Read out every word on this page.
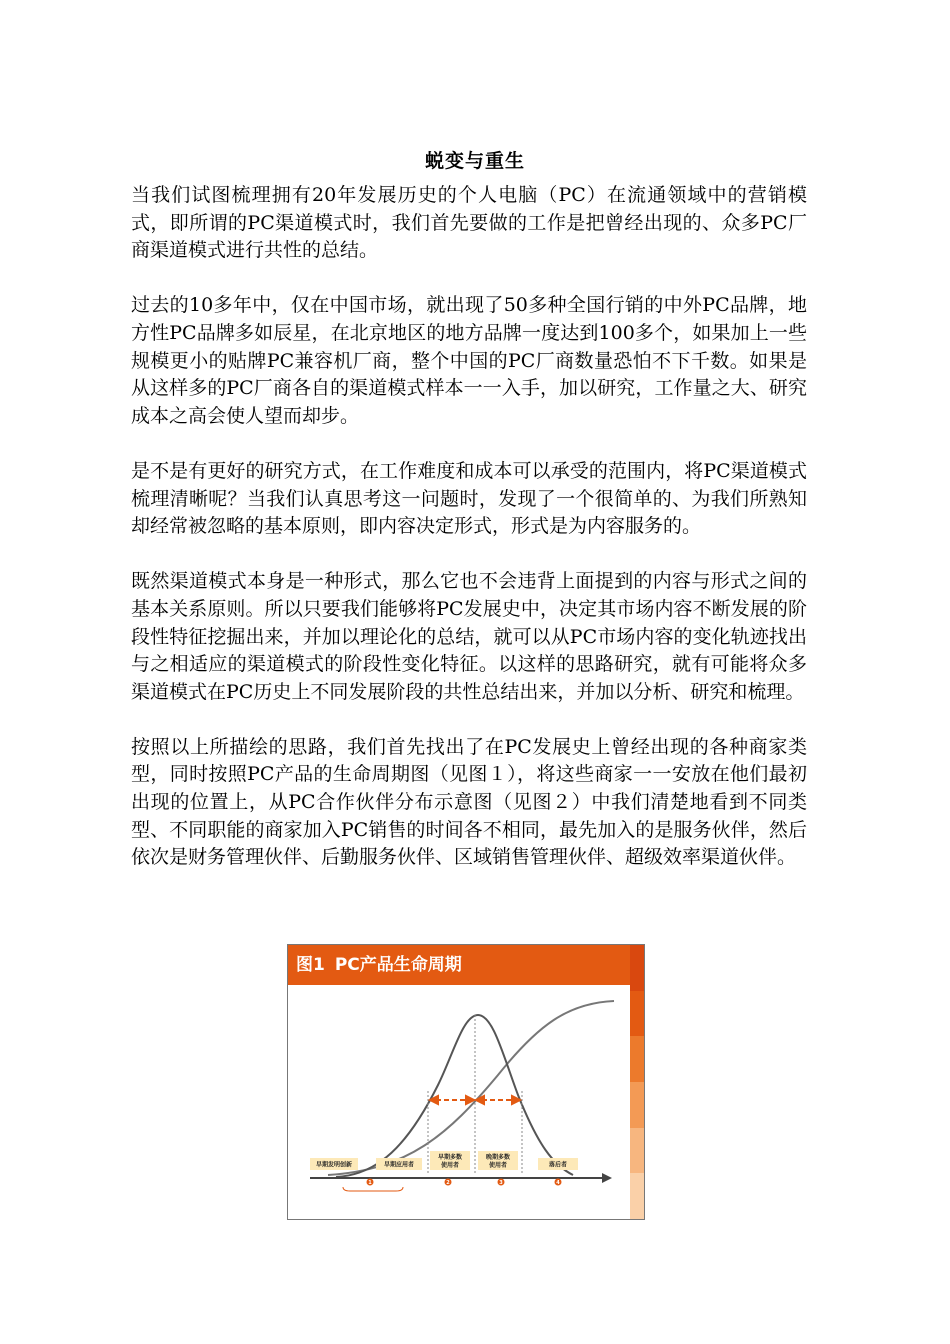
蜕变与重生

当我们试图梳理拥有20年发展历史的个人电脑（PC）在流通领域中的营销模式，即所谓的PC渠道模式时，我们首先要做的工作是把曾经出现的、众多PC厂商渠道模式进行共性的总结。

过去的10多年中，仅在中国市场，就出现了50多种全国行销的中外PC品牌，地方性PC品牌多如辰星，在北京地区的地方品牌一度达到100多个，如果加上一些规模更小的贴牌PC兼容机厂商，整个中国的PC厂商数量恐怕不下千数。如果是从这样多的PC厂商各自的渠道模式样本一一入手，加以研究，工作量之大、研究成本之高会使人望而却步。

是不是有更好的研究方式，在工作难度和成本可以承受的范围内，将PC渠道模式梳理清晰呢？当我们认真思考这一问题时，发现了一个很简单的、为我们所熟知却经常被忽略的基本原则，即内容决定形式，形式是为内容服务的。

既然渠道模式本身是一种形式，那么它也不会违背上面提到的内容与形式之间的基本关系原则。所以只要我们能够将PC发展史中，决定其市场内容不断发展的阶段性特征挖掘出来，并加以理论化的总结，就可以从PC市场内容的变化轨迹找出与之相适应的渠道模式的阶段性变化特征。以这样的思路研究，就有可能将众多渠道模式在PC历史上不同发展阶段的共性总结出来，并加以分析、研究和梳理。

按照以上所描绘的思路，我们首先找出了在PC发展史上曾经出现的各种商家类型，同时按照PC产品的生命周期图（见图１），将这些商家一一安放在他们最初出现的位置上，从PC合作伙伴分布示意图（见图２）中我们清楚地看到不同类型、不同职能的商家加入PC销售的时间各不相同，最先加入的是服务伙伴，然后依次是财务管理伙伴、后勤服务伙伴、区域销售管理伙伴、超级效率渠道伙伴。

图1 PC产品生命周期
早期发明创新	早期应用者
早期多数
使用者
晚期多数
使用者	落后者
1	2	3	4
